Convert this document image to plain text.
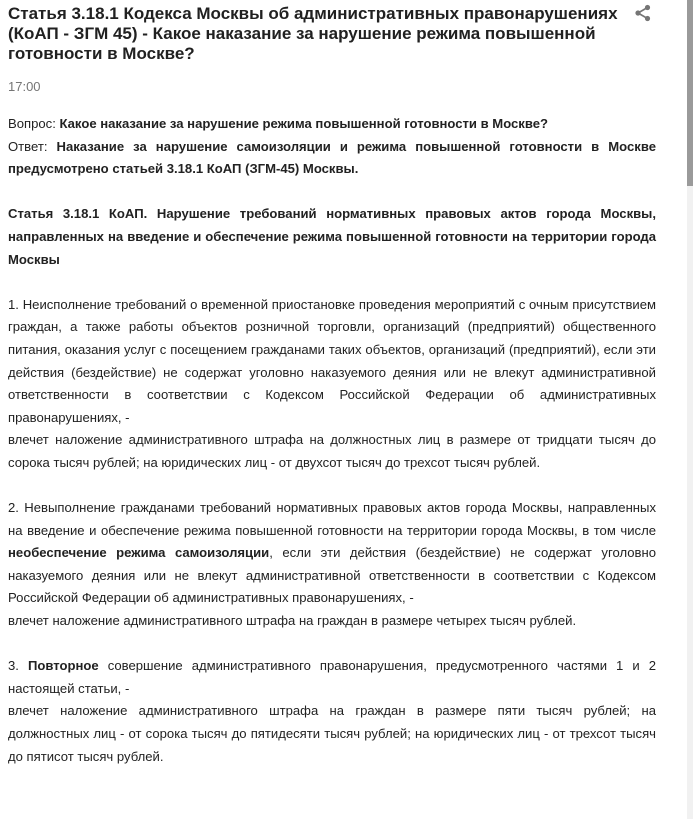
Статья 3.18.1 Кодекса Москвы об административных правонарушениях (КоАП - ЗГМ 45) - Какое наказание за нарушение режима повышенной готовности в Москве?
17:00

Вопрос: Какое наказание за нарушение режима повышенной готовности в Москве?

Ответ: Наказание за нарушение самоизоляции и режима повышенной готовности в Москве предусмотрено статьей 3.18.1 КоАП (ЗГМ-45) Москвы.

Статья 3.18.1 КоАП. Нарушение требований нормативных правовых актов города Москвы, направленных на введение и обеспечение режима повышенной готовности на территории города Москвы

1. Неисполнение требований о временной приостановке проведения мероприятий с очным присутствием граждан, а также работы объектов розничной торговли, организаций (предприятий) общественного питания, оказания услуг с посещением гражданами таких объектов, организаций (предприятий), если эти действия (бездействие) не содержат уголовно наказуемого деяния или не влекут административной ответственности в соответствии с Кодексом Российской Федерации об административных правонарушениях, -

влечет наложение административного штрафа на должностных лиц в размере от тридцати тысяч до сорока тысяч рублей; на юридических лиц - от двухсот тысяч до трехсот тысяч рублей.

2. Невыполнение гражданами требований нормативных правовых актов города Москвы, направленных на введение и обеспечение режима повышенной готовности на территории города Москвы, в том числе необеспечение режима самоизоляции, если эти действия (бездействие) не содержат уголовно наказуемого деяния или не влекут административной ответственности в соответствии с Кодексом Российской Федерации об административных правонарушениях, -

влечет наложение административного штрафа на граждан в размере четырех тысяч рублей.

3. Повторное совершение административного правонарушения, предусмотренного частями 1 и 2 настоящей статьи, -

влечет наложение административного штрафа на граждан в размере пяти тысяч рублей; на должностных лиц - от сорока тысяч до пятидесяти тысяч рублей; на юридических лиц - от трехсот тысяч до пятисот тысяч рублей.
